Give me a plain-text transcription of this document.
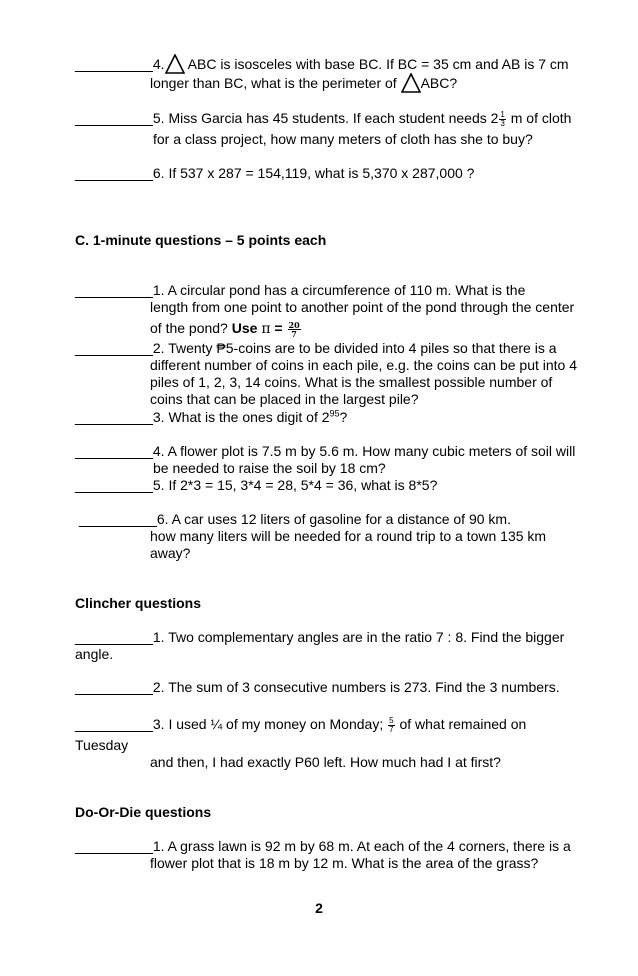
__________4. ABC is isosceles with base BC. If BC = 35 cm and AB is 7 cm
longer than BC, what is the perimeter of ABC?
__________5. Miss Garcia has 45 students. If each student needs $2 \frac{1}{3}$ m of cloth
for a class project, how many meters of cloth has she to buy?
__________6. If 537 x 287 = 154,119, what is 5,370 x 287,000 ?
C. 1-minute questions – 5 points each
__________1. A circular pond has a circumference of 110 m. What is the
length from one point to another point of the pond through the center
of the pond? Use $\pi = \frac{20}{7}$
__________2. Twenty ₱5-coins are to be divided into 4 piles so that there is a
different number of coins in each pile, e.g. the coins can be put into 4
piles of 1, 2, 3, 14 coins. What is the smallest possible number of
coins that can be placed in the largest pile?
__________3. What is the ones digit of $2^{95}$?
__________4. A flower plot is 7.5 m by 5.6 m. How many cubic meters of soil will
be needed to raise the soil by 18 cm?
__________5. If 2*3 = 15, 3*4 = 28, 5*4 = 36, what is 8*5?
__________6. A car uses 12 liters of gasoline for a distance of 90 km.
how many liters will be needed for a round trip to a town 135 km
away?
Clincher questions
__________1. Two complementary angles are in the ratio 7 : 8. Find the bigger
angle.
__________2. The sum of 3 consecutive numbers is 273. Find the 3 numbers.
__________3. I used ¼ of my money on Monday; $\frac{5}{7}$ of what remained on
Tuesday
and then, I had exactly P60 left. How much had I at first?
Do-Or-Die questions
__________1. A grass lawn is 92 m by 68 m. At each of the 4 corners, there is a
flower plot that is 18 m by 12 m. What is the area of the grass?
2
